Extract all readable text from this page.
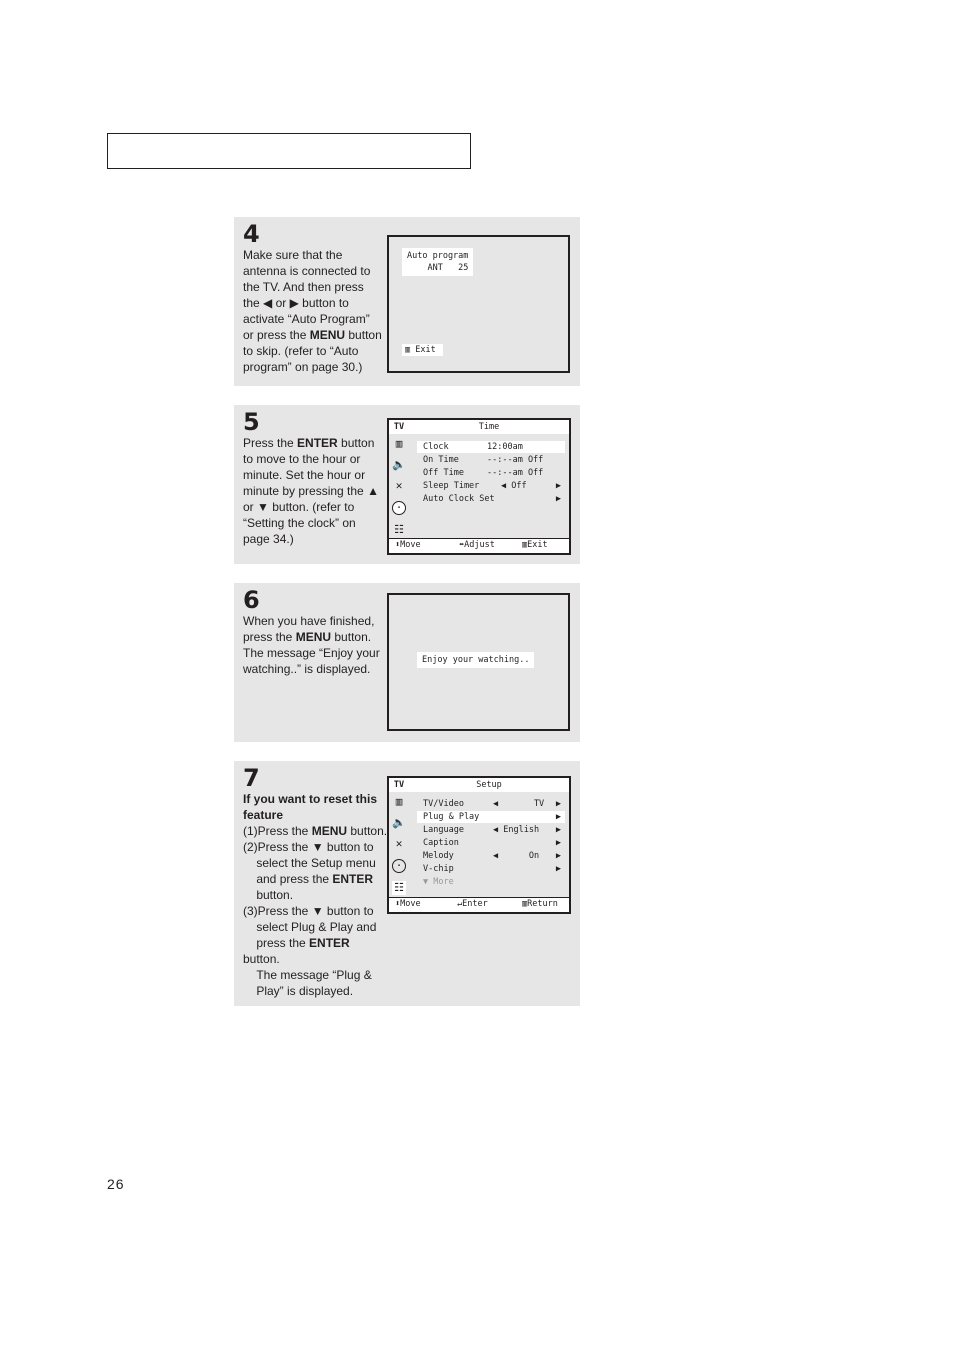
4
Make sure that the antenna is connected to the TV. And then press the ◀ or ▶ button to activate “Auto Program” or press the MENU button to skip. (refer to “Auto program” on page 30.)
Auto program
ANT   25
▥ Exit
5
Press the ENTER button to move to the hour or minute. Set the hour or minute by pressing the ▲ or ▼ button. (refer to “Setting the clock” on page 34.)
▥
🔈
✕
·
☷
TV	Time
Clock	12:00am
On Time	--:--am Off
Off Time	--:--am Off
Sleep Timer	◀ Off	▶
Auto Clock Set	▶

⬍Move

	⬌Adjust

	▥Exit

6
When you have finished, press the MENU button. The message “Enjoy your watching..” is displayed.
Enjoy your watching..
7
If you want to reset this feature
(1)Press the MENU button.
(2)Press the ▼ button to
select the Setup menu
and press the ENTER
button.
(3)Press the ▼ button to
select Plug & Play and
press the ENTER button.
The message “Plug &
Play” is displayed.
▥
🔈
✕
·
☷
TV	Setup
TV/Video	◀       TV ▶
Plug & Play	▶
Language	◀ English ▶
Caption	▶
Melody	◀      On ▶
V-chip	▶
▼ More

⬍Move

	↵Enter

	▥Return

26
